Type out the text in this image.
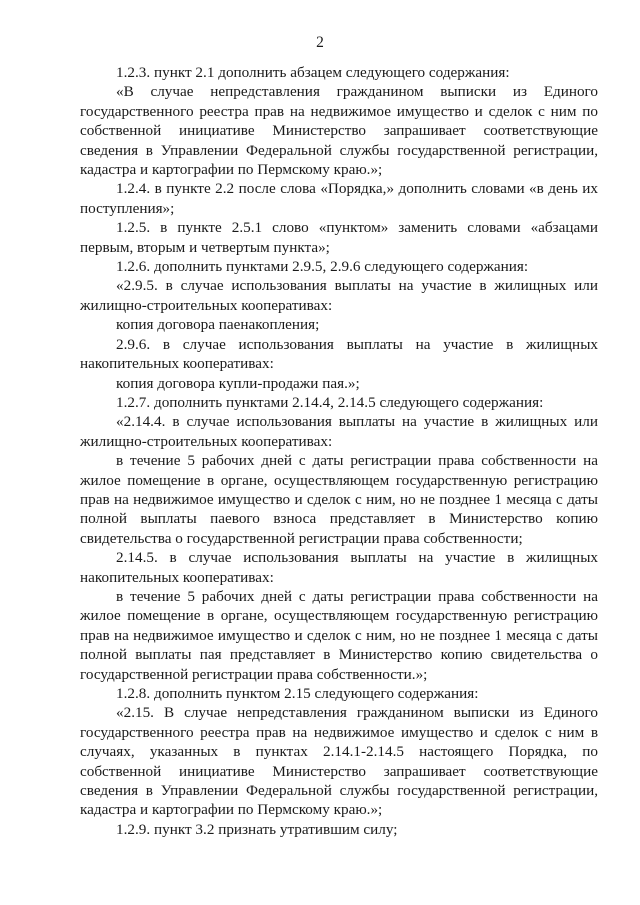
2

1.2.3. пункт 2.1 дополнить абзацем следующего содержания:

«В случае непредставления гражданином выписки из Единого государственного реестра прав на недвижимое имущество и сделок с ним по собственной инициативе Министерство запрашивает соответствующие сведения в Управлении Федеральной службы государственной регистрации, кадастра и картографии по Пермскому краю.»;

1.2.4. в пункте 2.2 после слова «Порядка,» дополнить словами «в день их поступления»;

1.2.5. в пункте 2.5.1 слово «пунктом» заменить словами «абзацами первым, вторым и четвертым пункта»;

1.2.6. дополнить пунктами 2.9.5, 2.9.6 следующего содержания:

«2.9.5. в случае использования выплаты на участие в жилищных или жилищно-строительных кооперативах:

копия договора паенакопления;

2.9.6. в случае использования выплаты на участие в жилищных накопительных кооперативах:

копия договора купли-продажи пая.»;

1.2.7. дополнить пунктами 2.14.4, 2.14.5 следующего содержания:

«2.14.4. в случае использования выплаты на участие в жилищных или жилищно-строительных кооперативах:

в течение 5 рабочих дней с даты регистрации права собственности на жилое помещение в органе, осуществляющем государственную регистрацию прав на недвижимое имущество и сделок с ним, но не позднее 1 месяца с даты полной выплаты паевого взноса представляет в Министерство копию свидетельства о государственной регистрации права собственности;

2.14.5. в случае использования выплаты на участие в жилищных накопительных кооперативах:

в течение 5 рабочих дней с даты регистрации права собственности на жилое помещение в органе, осуществляющем государственную регистрацию прав на недвижимое имущество и сделок с ним, но не позднее 1 месяца с даты полной выплаты пая представляет в Министерство копию свидетельства о государственной регистрации права собственности.»;

1.2.8. дополнить пунктом 2.15 следующего содержания:

«2.15. В случае непредставления гражданином выписки из Единого государственного реестра прав на недвижимое имущество и сделок с ним в случаях, указанных в пунктах 2.14.1-2.14.5 настоящего Порядка, по собственной инициативе Министерство запрашивает соответствующие сведения в Управлении Федеральной службы государственной регистрации, кадастра и картографии по Пермскому краю.»;

1.2.9. пункт 3.2 признать утратившим силу;
